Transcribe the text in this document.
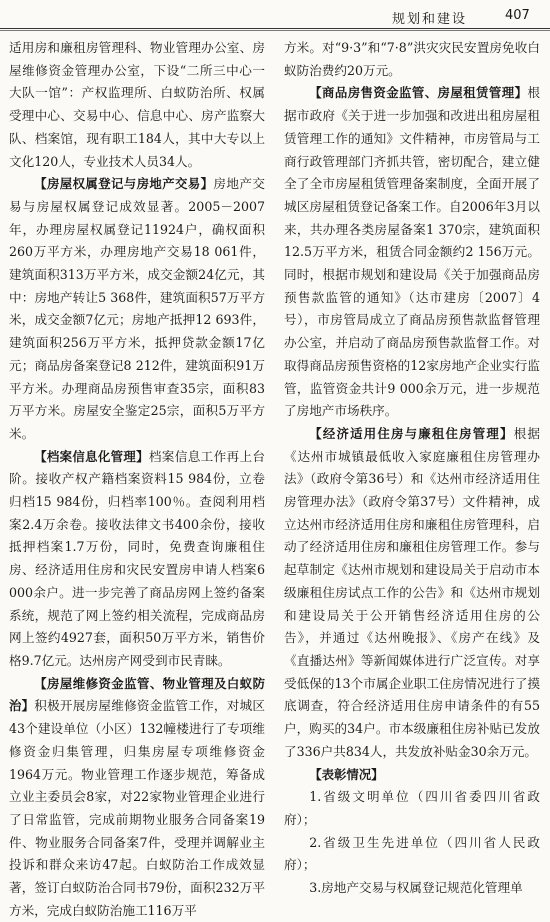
规划和建设	407

适用房和廉租房管理科、物业管理办公室、房屋维修资金管理办公室，下设“二所三中心一大队一馆”：产权监理所、白蚁防治所、权属受理中心、交易中心、信息中心、房产监察大队、档案馆，现有职工184人，其中大专以上文化120人，专业技术人员34人。

【房屋权属登记与房地产交易】房地产交易与房屋权属登记成效显著。2005－2007年，办理房屋权属登记11924户，确权面积260万平方米，办理房地产交易18 061件，建筑面积313万平方米，成交金额24亿元，其中：房地产转让5 368件，建筑面积57万平方米，成交金额7亿元；房地产抵押12 693件，建筑面积256万平方米，抵押贷款金额17亿元；商品房备案登记8 212件，建筑面积91万平方米。办理商品房预售审查35宗，面积83万平方米。房屋安全鉴定25宗，面积5万平方米。

【档案信息化管理】档案信息工作再上台阶。接收产权产籍档案资料15 984份，立卷归档15 984份，归档率100％。查阅利用档案2.4万余卷。接收法律文书400余份，接收抵押档案1.7万份，同时，免费查询廉租住房、经济适用住房和灾民安置房申请人档案6 000余户。进一步完善了商品房网上签约备案系统，规范了网上签约相关流程，完成商品房网上签约4927套，面积50万平方米，销售价格9.7亿元。达州房产网受到市民青睐。

【房屋维修资金监管、物业管理及白蚁防治】积极开展房屋维修资金监管工作，对城区43个建设单位（小区）132幢楼进行了专项维修资金归集管理，归集房屋专项维修资金1964万元。物业管理工作逐步规范，筹备成立业主委员会8家，对22家物业管理企业进行了日常监管，完成前期物业服务合同备案19件、物业服务合同备案7件，受理并调解业主投诉和群众来访47起。白蚁防治工作成效显著，签订白蚁防治合同书79份，面积232万平方米，完成白蚁防治施工116万平

方米。对“9·3”和“7·8”洪灾灾民安置房免收白蚁防治费约20万元。

【商品房售资金监管、房屋租赁管理】根据市政府《关于进一步加强和改进出租房屋租赁管理工作的通知》文件精神，市房管局与工商行政管理部门齐抓共管，密切配合，建立健全了全市房屋租赁管理备案制度，全面开展了城区房屋租赁登记备案工作。自2006年3月以来，共办理各类房屋备案1 370宗，建筑面积12.5万平方米，租赁合同金额约2 156万元。同时，根据市规划和建设局《关于加强商品房预售款监管的通知》（达市建房〔2007〕4号），市房管局成立了商品房预售款监督管理办公室，并启动了商品房预售款监督工作。对取得商品房预售资格的12家房地产企业实行监管，监管资金共计9 000余万元，进一步规范了房地产市场秩序。

【经济适用住房与廉租住房管理】根据《达州市城镇最低收入家庭廉租住房管理办法》（政府令第36号）和《达州市经济适用住房管理办法》（政府令第37号）文件精神，成立达州市经济适用住房和廉租住房管理科，启动了经济适用住房和廉租住房管理工作。参与起草制定《达州市规划和建设局关于启动市本级廉租住房试点工作的公告》和《达州市规划和建设局关于公开销售经济适用住房的公告》，并通过《达州晚报》、《房产在线》及《直播达州》等新闻媒体进行广泛宣传。对享受低保的13个市属企业职工住房情况进行了摸底调查，符合经济适用住房申请条件的有55户，购买的34户。市本级廉租住房补贴已发放了336户共834人，共发放补贴金30余万元。

【表彰情况】

1.省级文明单位（四川省委四川省政府）；

2.省级卫生先进单位（四川省人民政府）；

3.房地产交易与权属登记规范化管理单
